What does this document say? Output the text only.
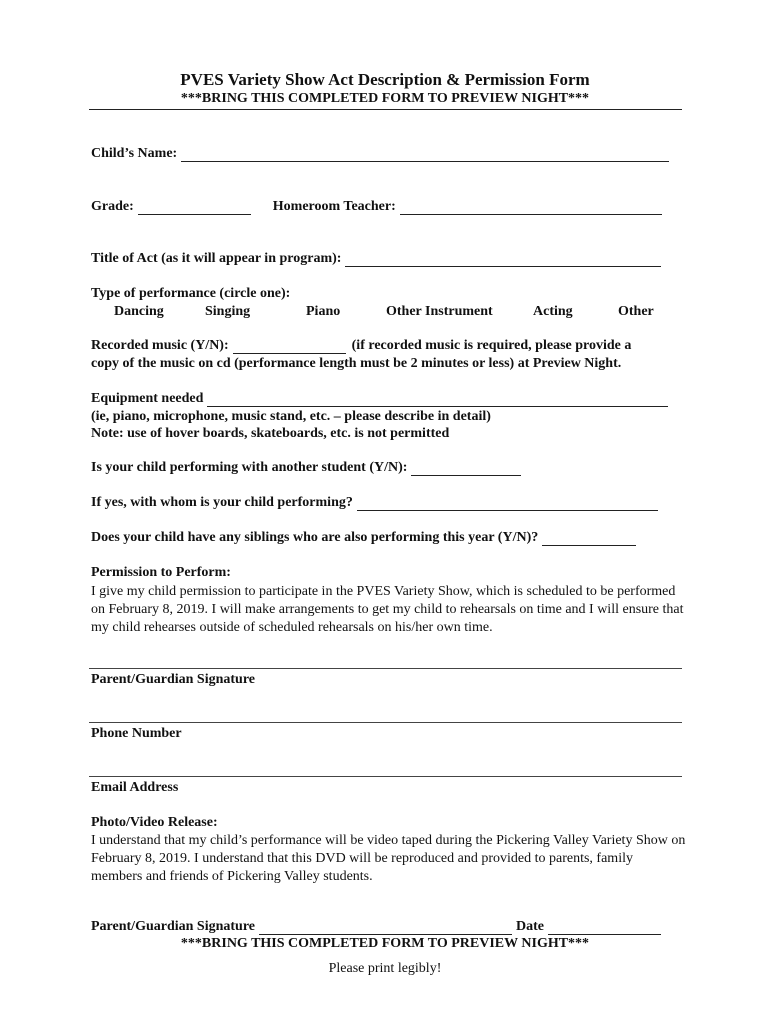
PVES Variety Show Act Description & Permission Form
***BRING THIS COMPLETED FORM TO PREVIEW NIGHT***
Child’s Name:
Grade:	Homeroom Teacher:
Title of Act (as it will appear in program):
Type of performance (circle one):
Dancing	Singing	Piano	Other Instrument	Acting	Other
Recorded music (Y/N):	(if recorded music is required, please provide a
copy of the music on cd (performance length must be 2 minutes or less) at Preview Night.
Equipment needed
(ie, piano, microphone, music stand, etc. – please describe in detail)
Note: use of hover boards, skateboards, etc. is not permitted
Is your child performing with another student (Y/N):
If yes, with whom is your child performing?
Does your child have any siblings who are also performing this year (Y/N)?
Permission to Perform:
I give my child permission to participate in the PVES Variety Show, which is scheduled to be performed on February 8, 2019. I will make arrangements to get my child to rehearsals on time and I will ensure that my child rehearses outside of scheduled rehearsals on his/her own time.
Parent/Guardian Signature
Phone Number
Email Address
Photo/Video Release:
I understand that my child’s performance will be video taped during the Pickering Valley Variety Show on February 8, 2019. I understand that this DVD will be reproduced and provided to parents, family members and friends of Pickering Valley students.
Parent/Guardian Signature	Date
***BRING THIS COMPLETED FORM TO PREVIEW NIGHT***
Please print legibly!
